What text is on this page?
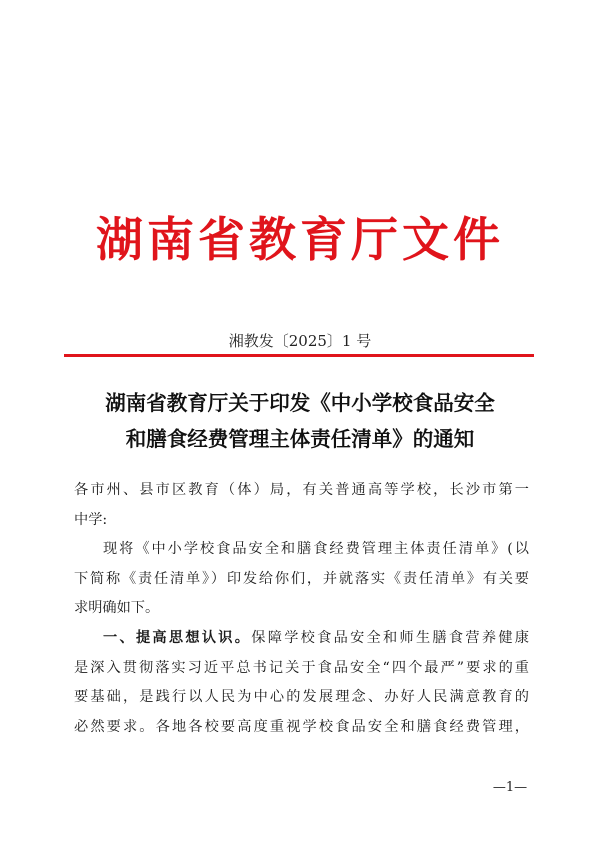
湖南省教育厅文件
湘教发〔2025〕1 号
湖南省教育厅关于印发《中小学校食品安全
和膳食经费管理主体责任清单》的通知
各市州、县市区教育（体）局，有关普通高等学校，长沙市第一
中学:
现将《中小学校食品安全和膳食经费管理主体责任清单》(以
下简称《责任清单》）印发给你们，并就落实《责任清单》有关要
求明确如下。
一、提高思想认识。保障学校食品安全和师生膳食营养健康
是深入贯彻落实习近平总书记关于食品安全“四个最严”要求的重
要基础，是践行以人民为中心的发展理念、办好人民满意教育的
必然要求。各地各校要高度重视学校食品安全和膳食经费管理，
—1—
